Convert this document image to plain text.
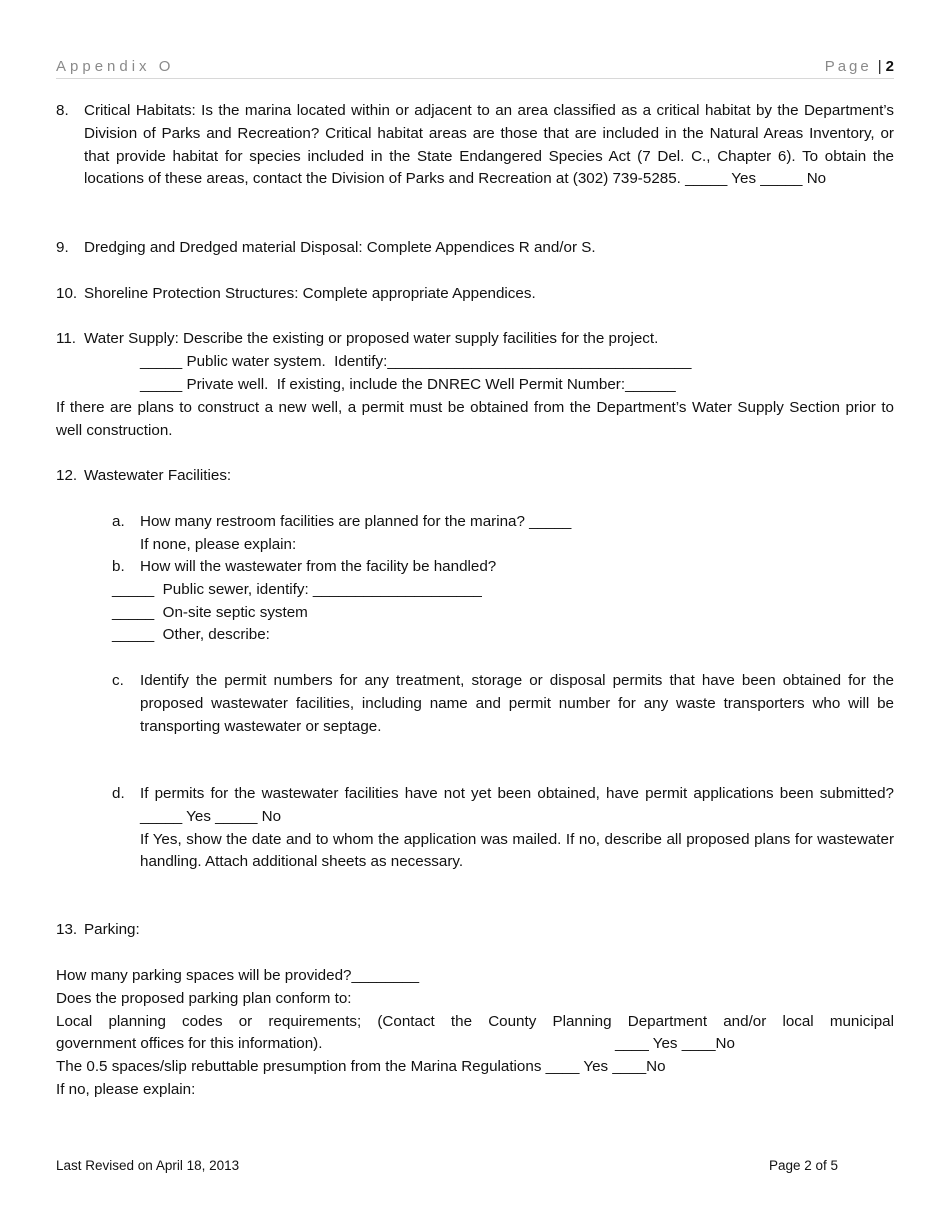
Appendix O	Page | 2
8. Critical Habitats: Is the marina located within or adjacent to an area classified as a critical habitat by the Department’s Division of Parks and Recreation? Critical habitat areas are those that are included in the Natural Areas Inventory, or that provide habitat for species included in the State Endangered Species Act (7 Del. C., Chapter 6). To obtain the locations of these areas, contact the Division of Parks and Recreation at (302) 739-5285. _____ Yes _____ No
9. Dredging and Dredged material Disposal: Complete Appendices R and/or S.
10. Shoreline Protection Structures: Complete appropriate Appendices.
11. Water Supply: Describe the existing or proposed water supply facilities for the project.
_____ Public water system.  Identify:____________________________________
_____ Private well.  If existing, include the DNREC Well Permit Number:______
If there are plans to construct a new well, a permit must be obtained from the Department’s Water Supply Section prior to well construction.
12. Wastewater Facilities:
a. How many restroom facilities are planned for the marina? _____
If none, please explain:
b. How will the wastewater from the facility be handled?
_____  Public sewer, identify: ____________________
_____  On-site septic system
_____  Other, describe:
c. Identify the permit numbers for any treatment, storage or disposal permits that have been obtained for the proposed wastewater facilities, including name and permit number for any waste transporters who will be transporting wastewater or septage.
d. If permits for the wastewater facilities have not yet been obtained, have permit applications been submitted? _____ Yes _____ No
If Yes, show the date and to whom the application was mailed. If no, describe all proposed plans for wastewater handling. Attach additional sheets as necessary.
13. Parking:
How many parking spaces will be provided?________
Does the proposed parking plan conform to:
Local planning codes or requirements; (Contact the County Planning Department and/or local municipal
government offices for this information).	____ Yes ____No
The 0.5 spaces/slip rebuttable presumption from the Marina Regulations ____ Yes ____No
If no, please explain:
Last Revised on April 18, 2013	Page 2 of 5
